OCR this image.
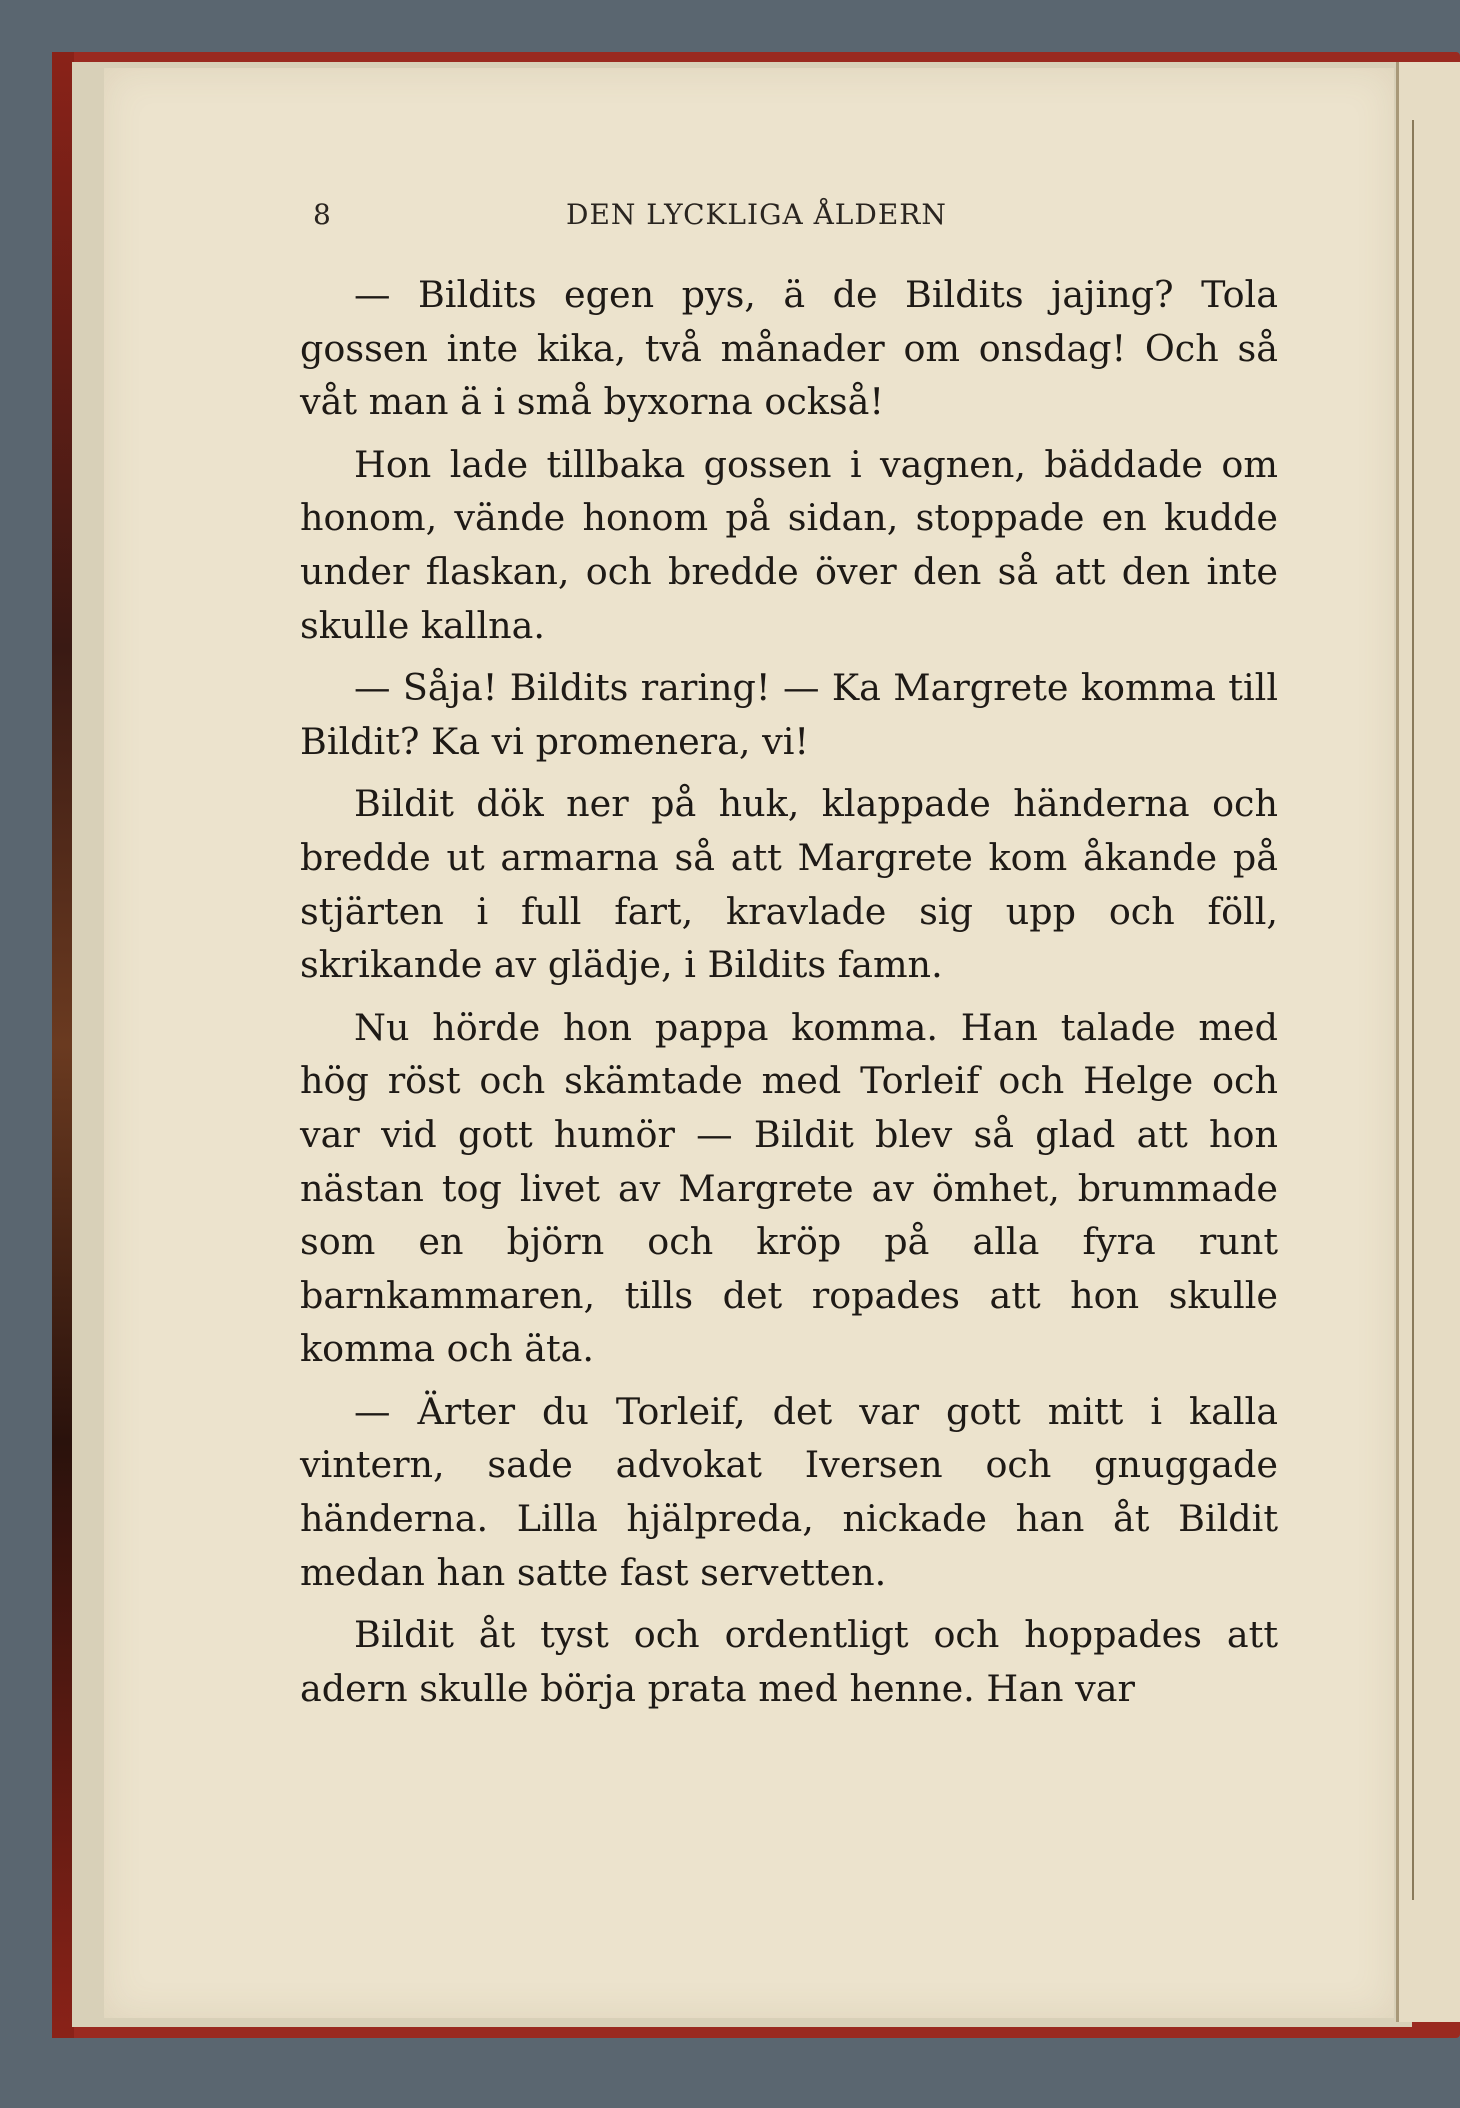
8	DEN LYCKLIGA ÅLDERN

— Bildits egen pys, ä de Bildits jajing? Tola gossen inte kika, två månader om onsdag! Och så våt man ä i små byxorna också!

Hon lade tillbaka gossen i vagnen, bäddade om honom, vände honom på sidan, stoppade en kudde under flaskan, och bredde över den så att den inte skulle kallna.

— Såja! Bildits raring! — Ka Margrete komma till Bildit? Ka vi promenera, vi!

Bildit dök ner på huk, klappade händerna och bredde ut armarna så att Margrete kom åkande på stjärten i full fart, kravlade sig upp och föll, skrikande av glädje, i Bildits famn.

Nu hörde hon pappa komma. Han talade med hög röst och skämtade med Torleif och Helge och var vid gott humör — Bildit blev så glad att hon nästan tog livet av Margrete av ömhet, brummade som en björn och kröp på alla fyra runt barnkammaren, tills det ropades att hon skulle komma och äta.

— Ärter du Torleif, det var gott mitt i kalla vintern, sade advokat Iversen och gnuggade händerna. Lilla hjälpreda, nickade han åt Bildit medan han satte fast servetten.

Bildit åt tyst och ordentligt och hoppades att adern skulle börja prata med henne. Han var
